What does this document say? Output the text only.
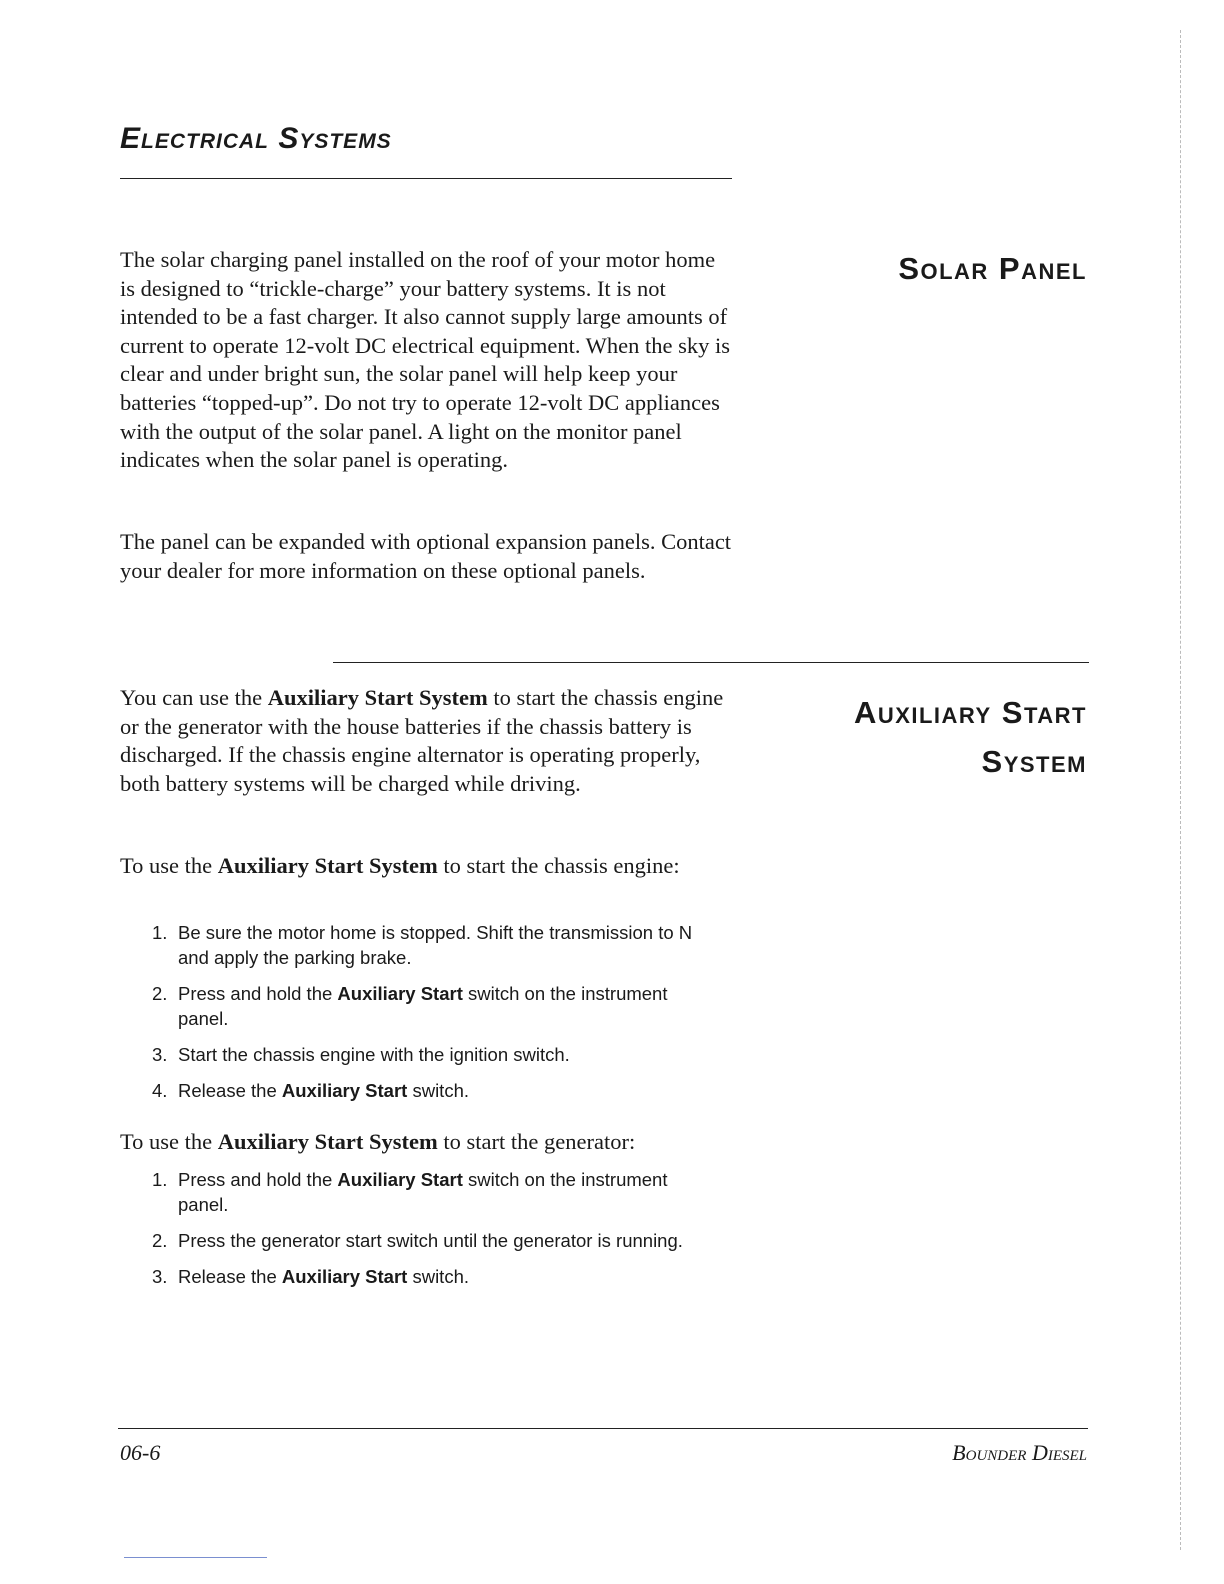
Electrical Systems

The solar charging panel installed on the roof of your motor home is designed to “trickle-charge” your battery systems. It is not intended to be a fast charger. It also cannot supply large amounts of current to operate 12-volt DC electrical equipment. When the sky is clear and under bright sun, the solar panel will help keep your batteries “topped-up”. Do not try to operate 12-volt DC appliances with the output of the solar panel. A light on the monitor panel indicates when the solar panel is operating.

The panel can be expanded with optional expansion panels. Contact your dealer for more information on these optional panels.

Solar Panel
Auxiliary Start
System

You can use the Auxiliary Start System to start the chassis engine or the generator with the house batteries if the chassis battery is discharged. If the chassis engine alternator is operating properly, both battery systems will be charged while driving.

To use the Auxiliary Start System to start the chassis engine:

1. Be sure the motor home is stopped. Shift the transmission to N and apply the parking brake.
2. Press and hold the Auxiliary Start switch on the instrument panel.
3. Start the chassis engine with the ignition switch.
4. Release the Auxiliary Start switch.

To use the Auxiliary Start System to start the generator:

1. Press and hold the Auxiliary Start switch on the instrument panel.
2. Press the generator start switch until the generator is running.
3. Release the Auxiliary Start switch.

06-6	Bounder Diesel
